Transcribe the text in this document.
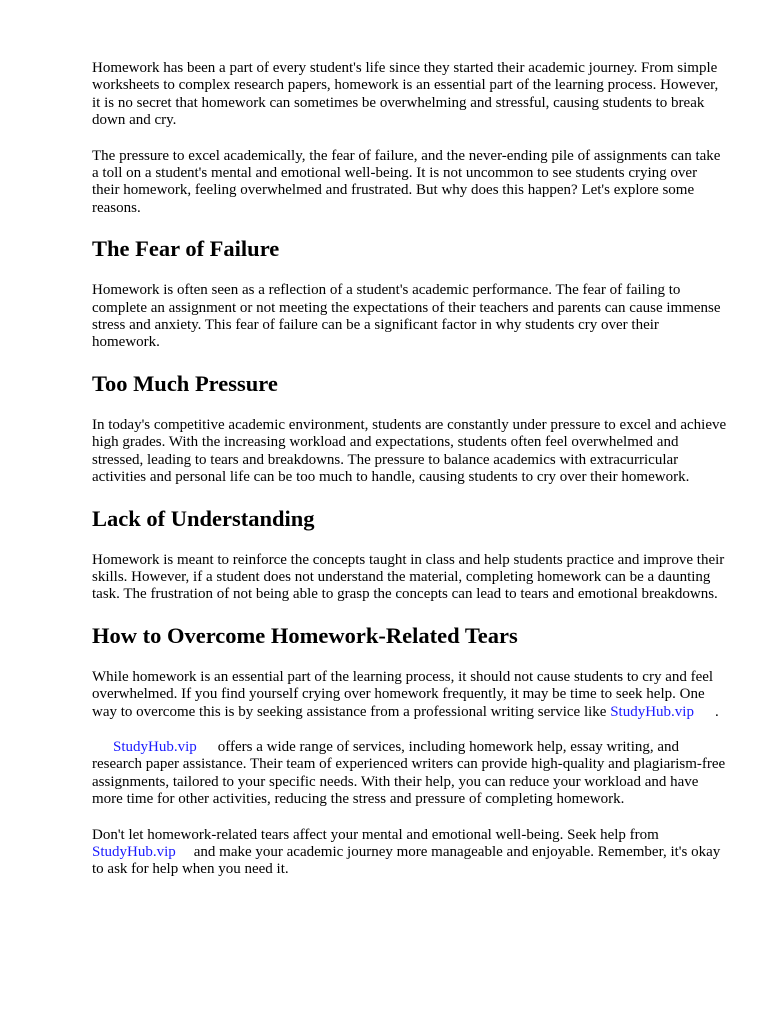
Homework has been a part of every student's life since they started their academic journey. From simple worksheets to complex research papers, homework is an essential part of the learning process. However, it is no secret that homework can sometimes be overwhelming and stressful, causing students to break down and cry.

The pressure to excel academically, the fear of failure, and the never-ending pile of assignments can take a toll on a student's mental and emotional well-being. It is not uncommon to see students crying over their homework, feeling overwhelmed and frustrated. But why does this happen? Let's explore some reasons.

The Fear of Failure

Homework is often seen as a reflection of a student's academic performance. The fear of failing to complete an assignment or not meeting the expectations of their teachers and parents can cause immense stress and anxiety. This fear of failure can be a significant factor in why students cry over their homework.

Too Much Pressure

In today's competitive academic environment, students are constantly under pressure to excel and achieve high grades. With the increasing workload and expectations, students often feel overwhelmed and stressed, leading to tears and breakdowns. The pressure to balance academics with extracurricular activities and personal life can be too much to handle, causing students to cry over their homework.

Lack of Understanding

Homework is meant to reinforce the concepts taught in class and help students practice and improve their skills. However, if a student does not understand the material, completing homework can be a daunting task. The frustration of not being able to grasp the concepts can lead to tears and emotional breakdowns.

How to Overcome Homework-Related Tears

While homework is an essential part of the learning process, it should not cause students to cry and feel overwhelmed. If you find yourself crying over homework frequently, it may be time to seek help. One way to overcome this is by seeking assistance from a professional writing service like StudyHub.vip .

StudyHub.vip offers a wide range of services, including homework help, essay writing, and research paper assistance. Their team of experienced writers can provide high-quality and plagiarism-free assignments, tailored to your specific needs. With their help, you can reduce your workload and have more time for other activities, reducing the stress and pressure of completing homework.

Don't let homework-related tears affect your mental and emotional well-being. Seek help from StudyHub.vip and make your academic journey more manageable and enjoyable. Remember, it's okay to ask for help when you need it.
